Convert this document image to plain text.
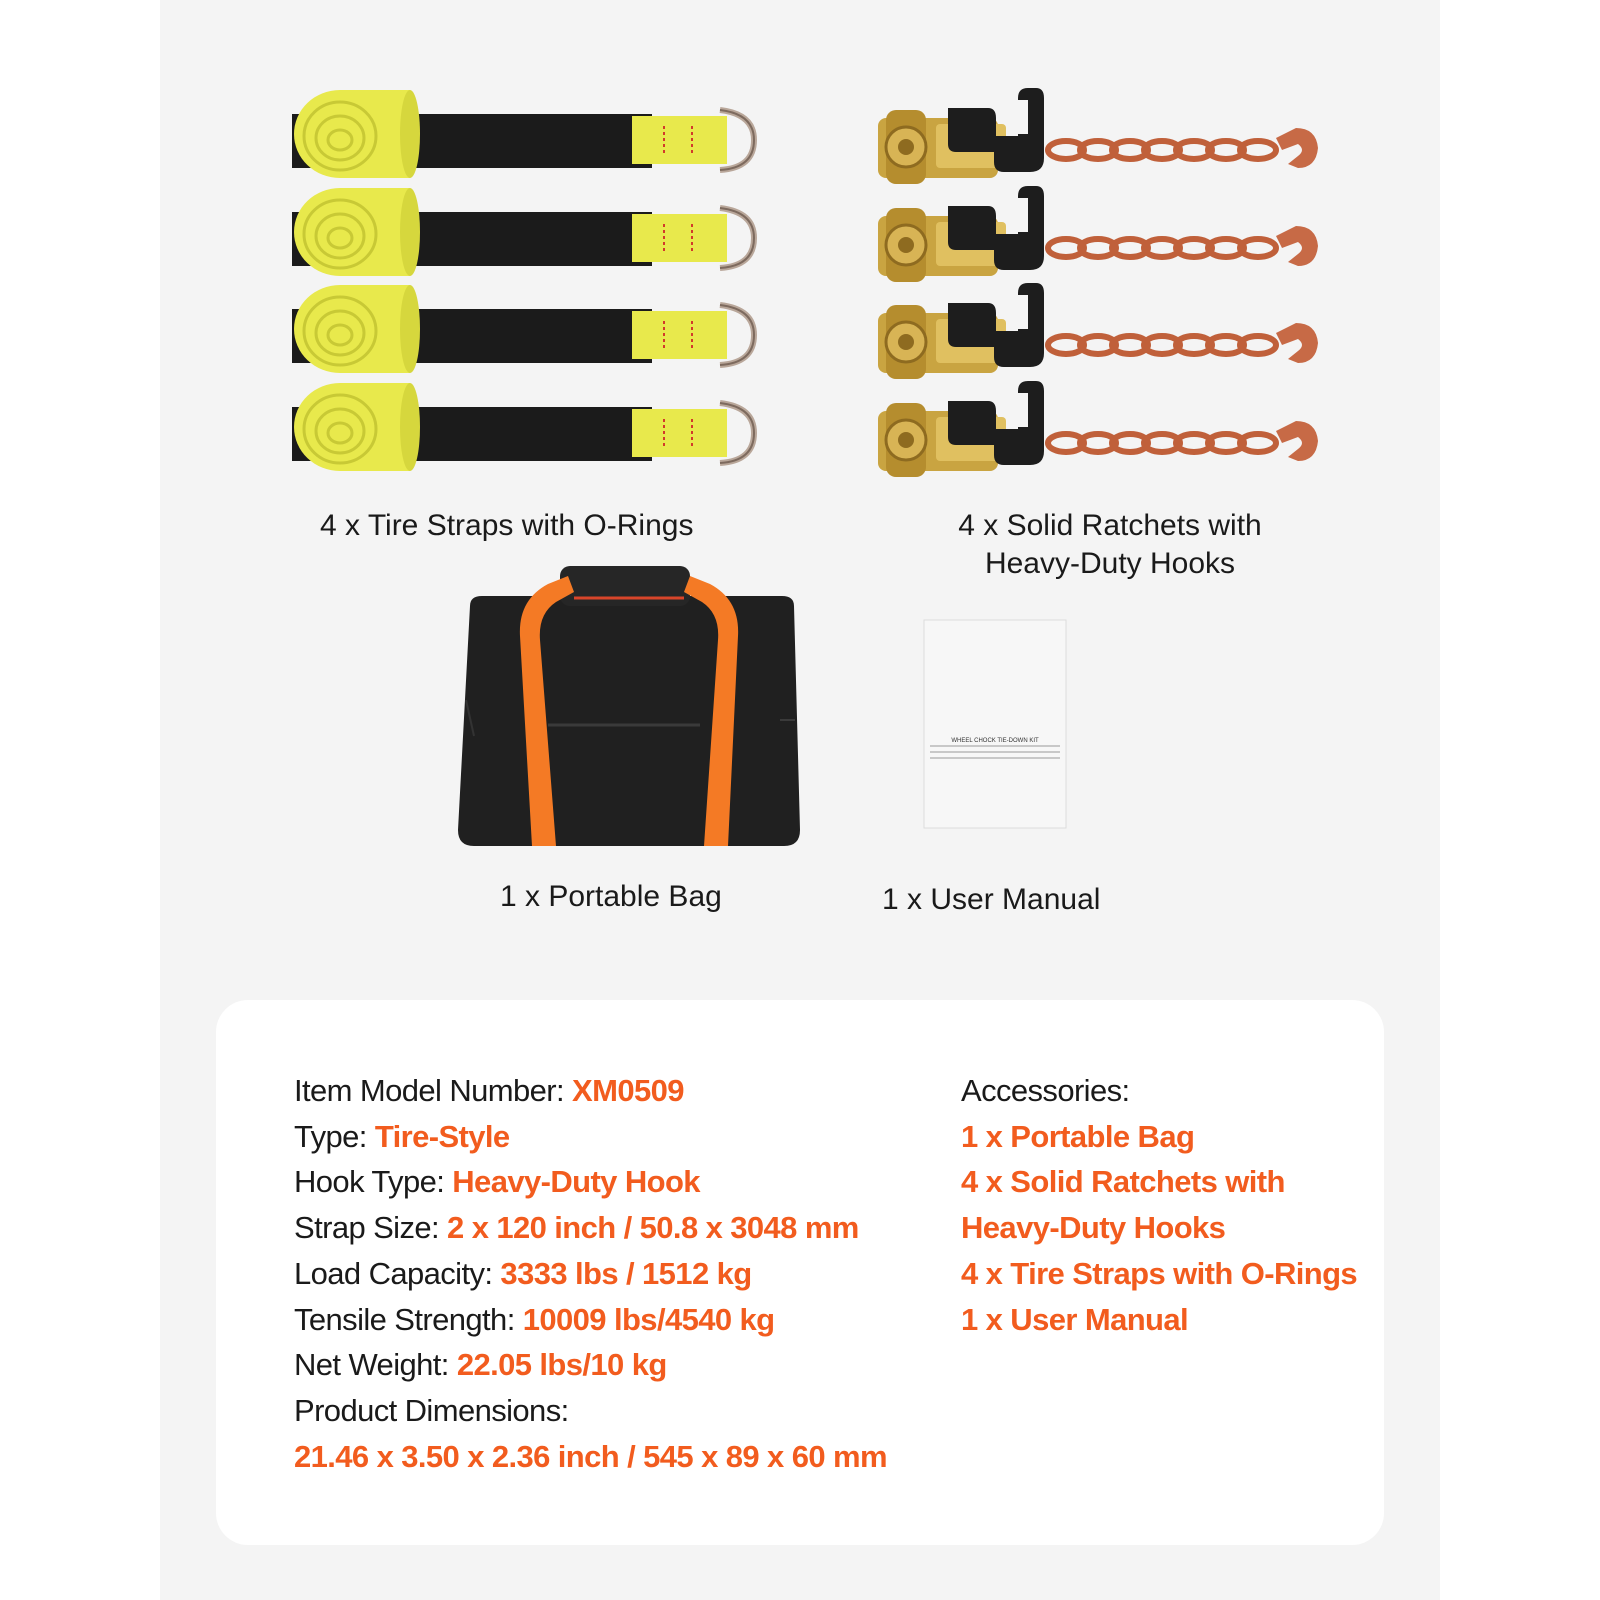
WHEEL CHOCK TIE-DOWN KIT
4 x Tire Straps with O-Rings	4 x Solid Ratchets with
Heavy-Duty Hooks
1 x Portable Bag	1 x User Manual
Item Model Number: XM0509
Type: Tire-Style
Hook Type: Heavy-Duty Hook
Strap Size: 2 x 120 inch / 50.8 x 3048 mm
Load Capacity: 3333 lbs / 1512 kg
Tensile Strength: 10009 lbs/4540 kg
Net Weight: 22.05 lbs/10 kg
Product Dimensions:
21.46 x 3.50 x 2.36 inch / 545 x 89 x 60 mm
Accessories:
1 x Portable Bag
4 x Solid Ratchets with
Heavy-Duty Hooks
4 x Tire Straps with O-Rings
1 x User Manual
